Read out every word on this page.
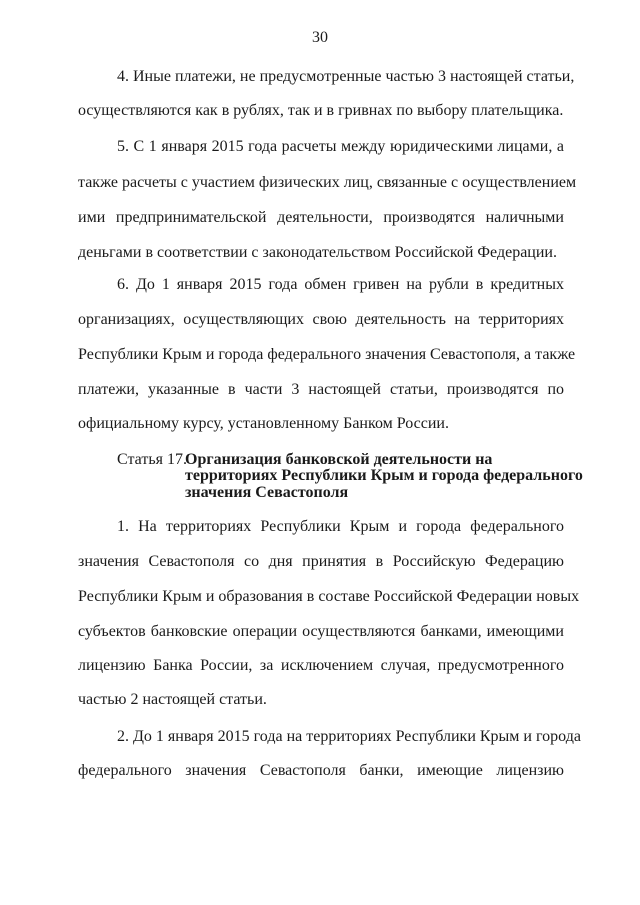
30
4. Иные платежи, не предусмотренные частью 3 настоящей статьи,
осуществляются как в рублях, так и в гривнах по выбору плательщика.
5. С 1 января 2015 года расчеты между юридическими лицами, а
также расчеты с участием физических лиц, связанные с осуществлением
ими предпринимательской деятельности, производятся наличными
деньгами в соответствии с законодательством Российской Федерации.
6. До 1 января 2015 года обмен гривен на рубли в кредитных
организациях, осуществляющих свою деятельность на территориях
Республики Крым и города федерального значения Севастополя, а также
платежи, указанные в части 3 настоящей статьи, производятся по
официальному курсу, установленному Банком России.
Статья 17.
Организация банковской деятельности на
территориях Республики Крым и города федерального
значения Севастополя
1. На территориях Республики Крым и города федерального
значения Севастополя со дня принятия в Российскую Федерацию
Республики Крым и образования в составе Российской Федерации новых
субъектов банковские операции осуществляются банками, имеющими
лицензию Банка России, за исключением случая, предусмотренного
частью 2 настоящей статьи.
2. До 1 января 2015 года на территориях Республики Крым и города
федерального значения Севастополя банки, имеющие лицензию
